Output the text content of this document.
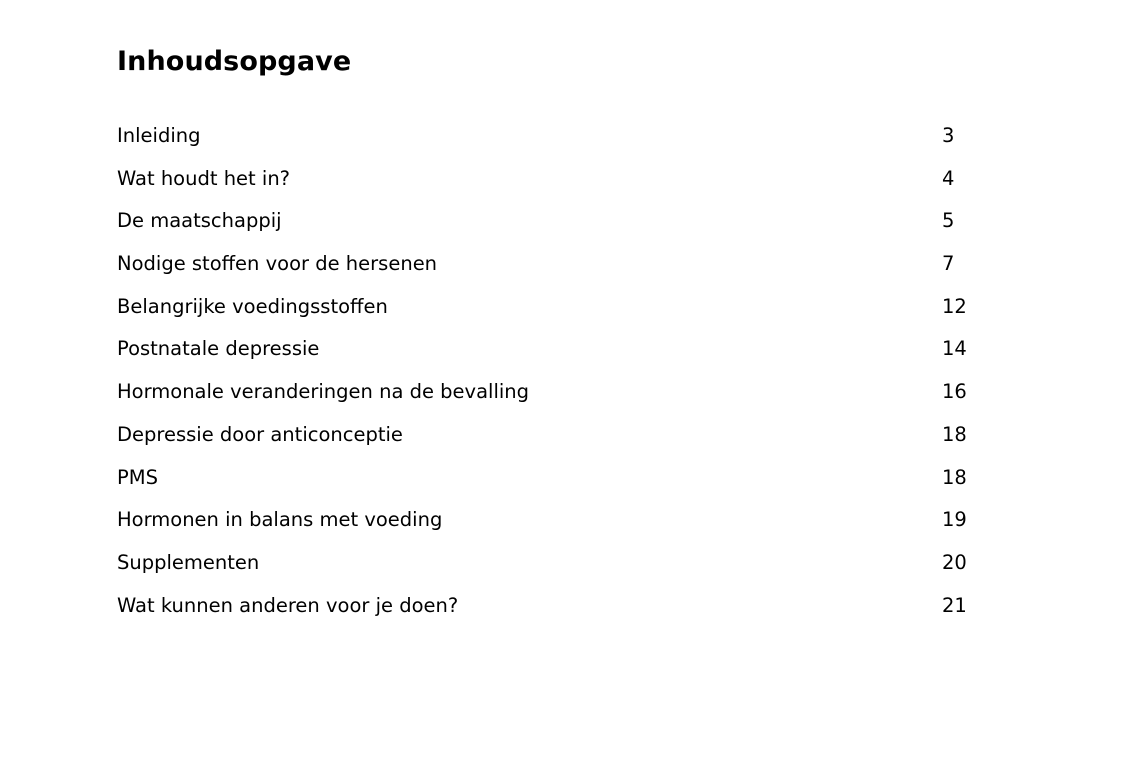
Inhoudsopgave
Inleiding	3
Wat houdt het in?	4
De maatschappij	5
Nodige stoffen voor de hersenen	7
Belangrijke voedingsstoffen	12
Postnatale depressie	14
Hormonale veranderingen na de bevalling	16
Depressie door anticonceptie	18
PMS	18
Hormonen in balans met voeding	19
Supplementen	20
Wat kunnen anderen voor je doen?	21
